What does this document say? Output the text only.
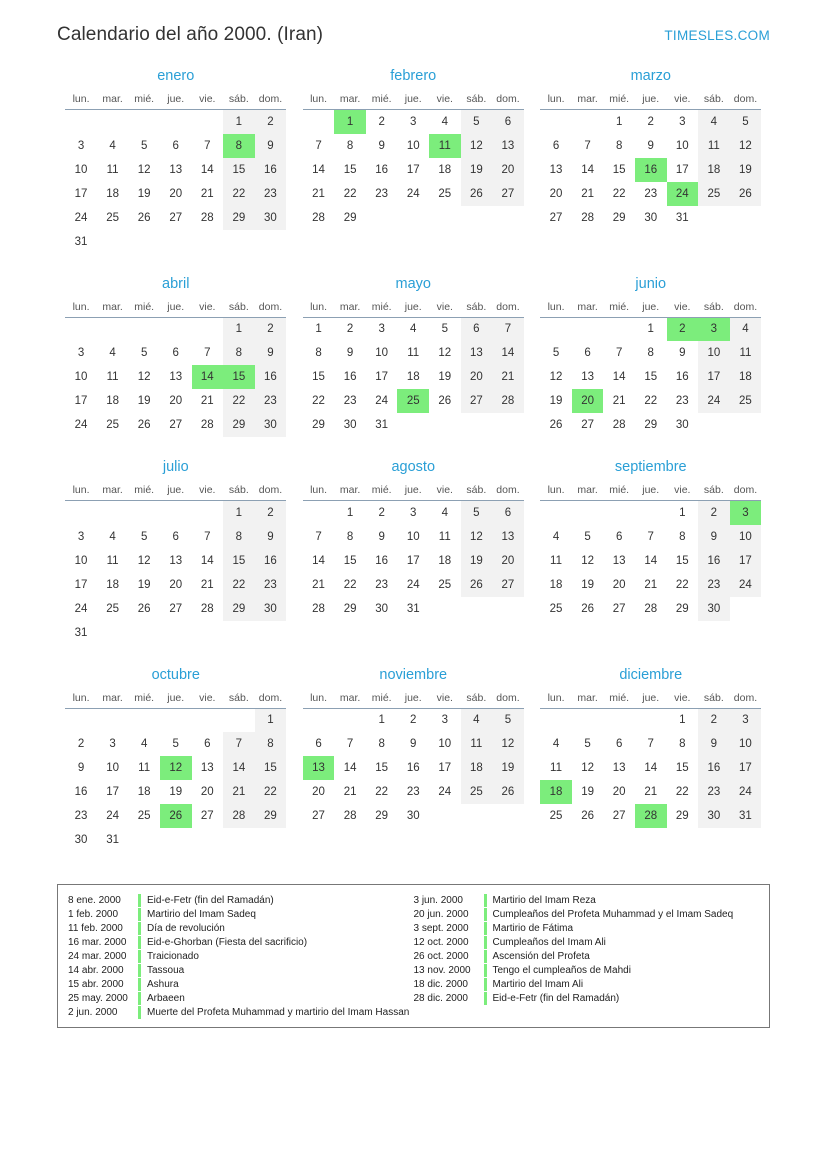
Calendario del año 2000. (Iran)	TIMESLES.COM
enero
lun.	mar.	mié.	jue.	vie.	sáb.	dom.
					1	2
3	4	5	6	7	8	9
10	11	12	13	14	15	16
17	18	19	20	21	22	23
24	25	26	27	28	29	30
31						
febrero
lun.	mar.	mié.	jue.	vie.	sáb.	dom.
	1	2	3	4	5	6
7	8	9	10	11	12	13
14	15	16	17	18	19	20
21	22	23	24	25	26	27
28	29					
marzo
lun.	mar.	mié.	jue.	vie.	sáb.	dom.
		1	2	3	4	5
6	7	8	9	10	11	12
13	14	15	16	17	18	19
20	21	22	23	24	25	26
27	28	29	30	31		
abril
lun.	mar.	mié.	jue.	vie.	sáb.	dom.
					1	2
3	4	5	6	7	8	9
10	11	12	13	14	15	16
17	18	19	20	21	22	23
24	25	26	27	28	29	30
mayo
lun.	mar.	mié.	jue.	vie.	sáb.	dom.
1	2	3	4	5	6	7
8	9	10	11	12	13	14
15	16	17	18	19	20	21
22	23	24	25	26	27	28
29	30	31				
junio
lun.	mar.	mié.	jue.	vie.	sáb.	dom.
			1	2	3	4
5	6	7	8	9	10	11
12	13	14	15	16	17	18
19	20	21	22	23	24	25
26	27	28	29	30		
julio
lun.	mar.	mié.	jue.	vie.	sáb.	dom.
					1	2
3	4	5	6	7	8	9
10	11	12	13	14	15	16
17	18	19	20	21	22	23
24	25	26	27	28	29	30
31						
agosto
lun.	mar.	mié.	jue.	vie.	sáb.	dom.
	1	2	3	4	5	6
7	8	9	10	11	12	13
14	15	16	17	18	19	20
21	22	23	24	25	26	27
28	29	30	31			
septiembre
lun.	mar.	mié.	jue.	vie.	sáb.	dom.
				1	2	3
4	5	6	7	8	9	10
11	12	13	14	15	16	17
18	19	20	21	22	23	24
25	26	27	28	29	30	
octubre
lun.	mar.	mié.	jue.	vie.	sáb.	dom.
						1
2	3	4	5	6	7	8
9	10	11	12	13	14	15
16	17	18	19	20	21	22
23	24	25	26	27	28	29
30	31					
noviembre
lun.	mar.	mié.	jue.	vie.	sáb.	dom.
		1	2	3	4	5
6	7	8	9	10	11	12
13	14	15	16	17	18	19
20	21	22	23	24	25	26
27	28	29	30			
diciembre
lun.	mar.	mié.	jue.	vie.	sáb.	dom.
				1	2	3
4	5	6	7	8	9	10
11	12	13	14	15	16	17
18	19	20	21	22	23	24
25	26	27	28	29	30	31
8 ene. 2000	Eid-e-Fetr (fin del Ramadán)
1 feb. 2000	Martirio del Imam Sadeq
11 feb. 2000	Día de revolución
16 mar. 2000	Eid-e-Ghorban (Fiesta del sacrificio)
24 mar. 2000	Traicionado
14 abr. 2000	Tassoua
15 abr. 2000	Ashura
25 may. 2000	Arbaeen
2 jun. 2000	Muerte del Profeta Muhammad y martirio del Imam Hassan
3 jun. 2000	Martirio del Imam Reza
20 jun. 2000	Cumpleaños del Profeta Muhammad y el Imam Sadeq
3 sept. 2000	Martirio de Fátima
12 oct. 2000	Cumpleaños del Imam Ali
26 oct. 2000	Ascensión del Profeta
13 nov. 2000	Tengo el cumpleaños de Mahdi
18 dic. 2000	Martirio del Imam Ali
28 dic. 2000	Eid-e-Fetr (fin del Ramadán)
